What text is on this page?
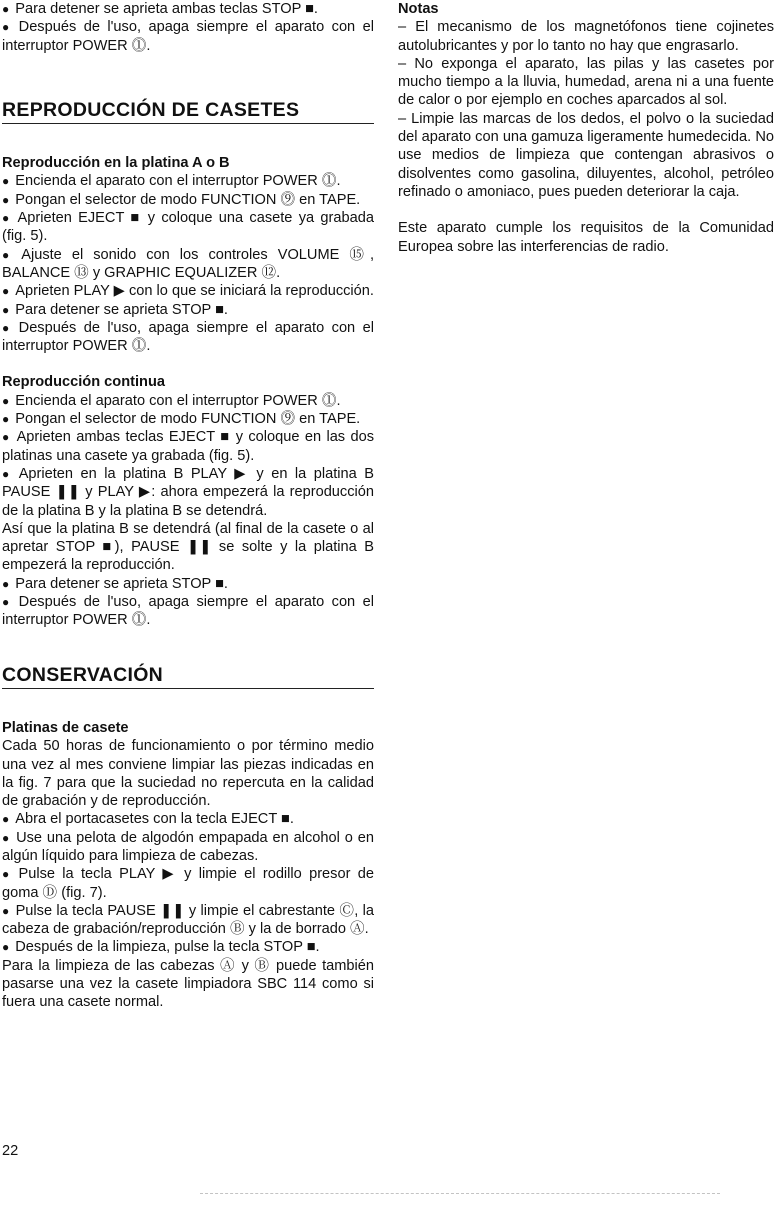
● Para detener se aprieta ambas teclas STOP ■.

● Después de l'uso, apaga siempre el aparato con el interruptor POWER ⓵.

REPRODUCCIÓN DE CASETES

Reproducción en la platina A o B

● Encienda el aparato con el interruptor POWER ⓵.

● Pongan el selector de modo FUNCTION ⓽ en TAPE.

● Aprieten EJECT ■ y coloque una casete ya grabada (fig. 5).

● Ajuste el sonido con los controles VOLUME ⑮, BALANCE ⑬ y GRAPHIC EQUALIZER ⑫.

● Aprieten PLAY ▶ con lo que se iniciará la reproducción.

● Para detener se aprieta STOP ■.

● Después de l'uso, apaga siempre el aparato con el interruptor POWER ⓵.

Reproducción continua

● Encienda el aparato con el interruptor POWER ⓵.

● Pongan el selector de modo FUNCTION ⓽ en TAPE.

● Aprieten ambas teclas EJECT ■ y coloque en las dos platinas una casete ya grabada (fig. 5).

● Aprieten en la platina B PLAY ▶ y en la platina B PAUSE ❚❚ y PLAY ▶: ahora empezerá la reproducción de la platina B y la platina B se detendrá.

Así que la platina B se detendrá (al final de la casete o al apretar STOP ■), PAUSE ❚❚ se solte y la platina B empezerá la reproducción.

● Para detener se aprieta STOP ■.

● Después de l'uso, apaga siempre el aparato con el interruptor POWER ⓵.

CONSERVACIÓN

Platinas de casete

Cada 50 horas de funcionamiento o por término medio una vez al mes conviene limpiar las piezas indicadas en la fig. 7 para que la suciedad no repercuta en la calidad de grabación y de reproducción.

● Abra el portacasetes con la tecla EJECT ■.

● Use una pelota de algodón empapada en alcohol o en algún líquido para limpieza de cabezas.

● Pulse la tecla PLAY ▶ y limpie el rodillo presor de goma Ⓓ (fig. 7).

● Pulse la tecla PAUSE ❚❚ y limpie el cabrestante Ⓒ, la cabeza de grabación/reproducción Ⓑ y la de borrado Ⓐ.

● Después de la limpieza, pulse la tecla STOP ■.

Para la limpieza de las cabezas Ⓐ y Ⓑ puede también pasarse una vez la casete limpiadora SBC 114 como si fuera una casete normal.

Notas

– El mecanismo de los magnetófonos tiene cojinetes autolubricantes y por lo tanto no hay que engrasarlo.

– No exponga el aparato, las pilas y las casetes por mucho tiempo a la lluvia, humedad, arena ni a una fuente de calor o por ejemplo en coches aparcados al sol.

– Limpie las marcas de los dedos, el polvo o la suciedad del aparato con una gamuza ligeramente humedecida. No use medios de limpieza que contengan abrasivos o disolventes como gasolina, diluyentes, alcohol, petróleo refinado o amoniaco, pues pueden deteriorar la caja.

Este aparato cumple los requisitos de la Comunidad Europea sobre las interferencias de radio.

22
